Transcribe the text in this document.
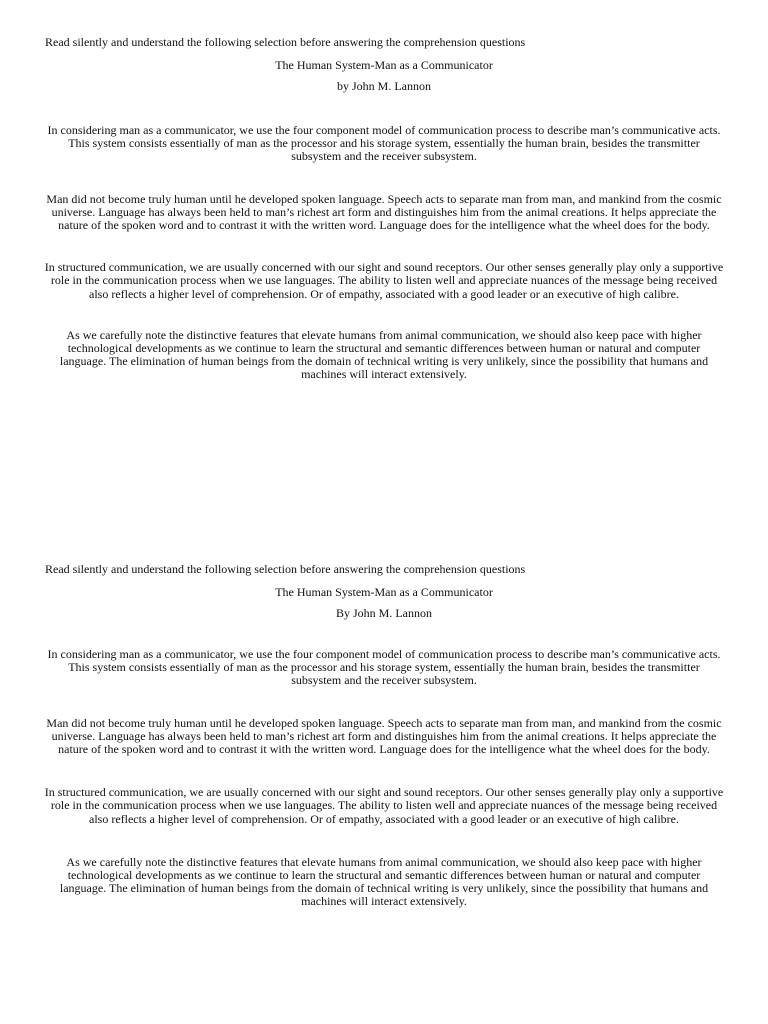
Read silently and understand the following selection before answering the comprehension questions

The Human System-Man as a Communicator

by John M. Lannon

In considering man as a communicator, we use the four component model of communication process to describe man’s communicative acts. This system consists essentially of man as the processor and his storage system, essentially the human brain, besides the transmitter subsystem and the receiver subsystem.

Man did not become truly human until he developed spoken language. Speech acts to separate man from man, and mankind from the cosmic universe. Language has always been held to man’s richest art form and distinguishes him from the animal creations. It helps appreciate the nature of the spoken word and to contrast it with the written word. Language does for the intelligence what the wheel does for the body.

In structured communication, we are usually concerned with our sight and sound receptors. Our other senses generally play only a supportive role in the communication process when we use languages. The ability to listen well and appreciate nuances of the message being received also reflects a higher level of comprehension. Or of empathy, associated with a good leader or an executive of high calibre.

As we carefully note the distinctive features that elevate humans from animal communication, we should also keep pace with higher technological developments as we continue to learn the structural and semantic differences between human or natural and computer language. The elimination of human beings from the domain of technical writing is very unlikely, since the possibility that humans and machines will interact extensively.

Read silently and understand the following selection before answering the comprehension questions

The Human System-Man as a Communicator

By John M. Lannon

In considering man as a communicator, we use the four component model of communication process to describe man’s communicative acts. This system consists essentially of man as the processor and his storage system, essentially the human brain, besides the transmitter subsystem and the receiver subsystem.

Man did not become truly human until he developed spoken language. Speech acts to separate man from man, and mankind from the cosmic universe. Language has always been held to man’s richest art form and distinguishes him from the animal creations. It helps appreciate the nature of the spoken word and to contrast it with the written word. Language does for the intelligence what the wheel does for the body.

In structured communication, we are usually concerned with our sight and sound receptors. Our other senses generally play only a supportive role in the communication process when we use languages. The ability to listen well and appreciate nuances of the message being received also reflects a higher level of comprehension. Or of empathy, associated with a good leader or an executive of high calibre.

As we carefully note the distinctive features that elevate humans from animal communication, we should also keep pace with higher technological developments as we continue to learn the structural and semantic differences between human or natural and computer language. The elimination of human beings from the domain of technical writing is very unlikely, since the possibility that humans and machines will interact extensively.
